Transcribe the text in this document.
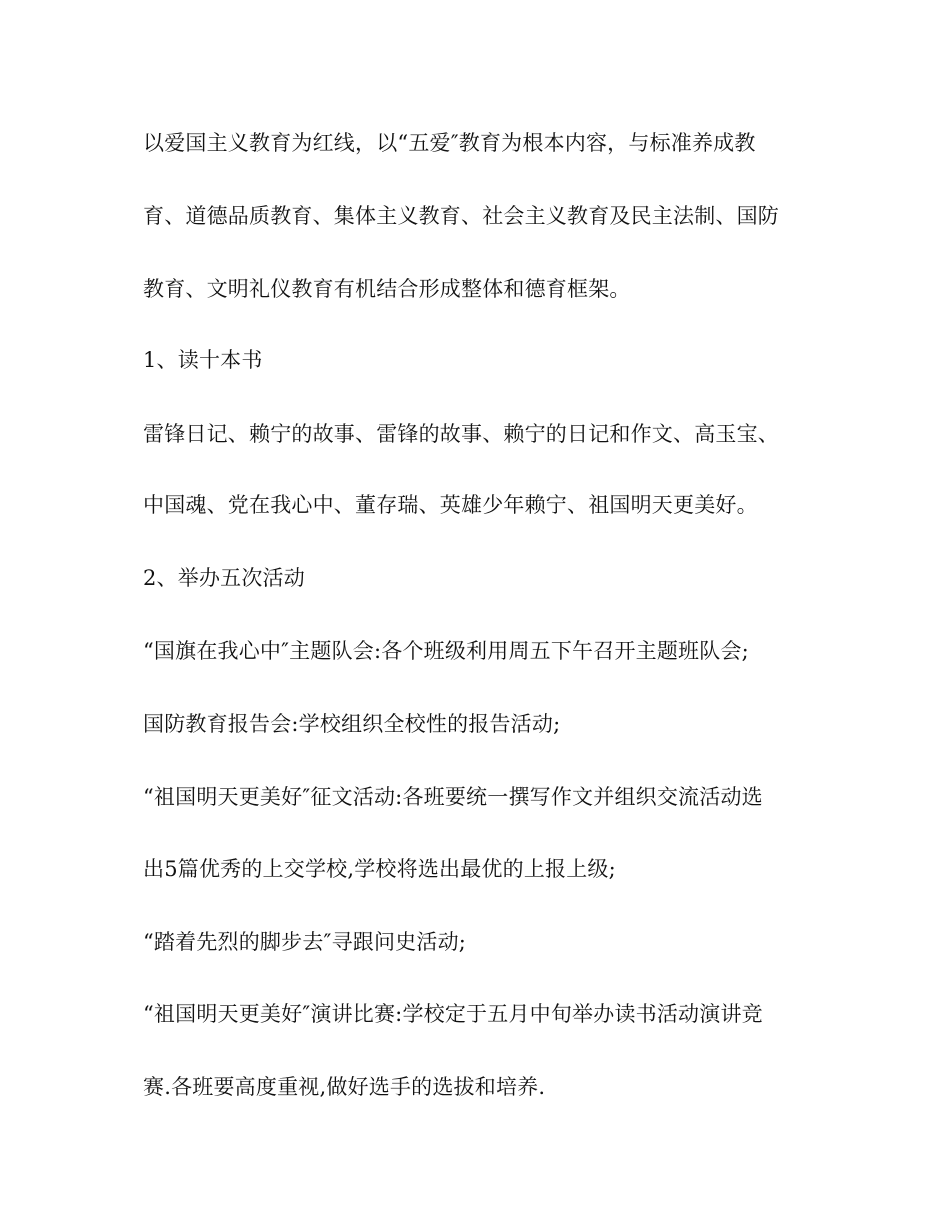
以爱国主义教育为红线，以“五爱″教育为根本内容，与标准养成教
育、道德品质教育、集体主义教育、社会主义教育及民主法制、国防
教育、文明礼仪教育有机结合形成整体和德育框架。
1、读十本书
雷锋日记、赖宁的故事、雷锋的故事、赖宁的日记和作文、高玉宝、
中国魂、党在我心中、董存瑞、英雄少年赖宁、祖国明天更美好。
2、举办五次活动
“国旗在我心中″主题队会:各个班级利用周五下午召开主题班队会;
国防教育报告会:学校组织全校性的报告活动;
“祖国明天更美好″征文活动:各班要统一撰写作文并组织交流活动选
出5篇优秀的上交学校,学校将选出最优的上报上级;
“踏着先烈的脚步去″寻跟问史活动;
“祖国明天更美好″演讲比赛:学校定于五月中旬举办读书活动演讲竞
赛.各班要高度重视,做好选手的选拔和培养.
